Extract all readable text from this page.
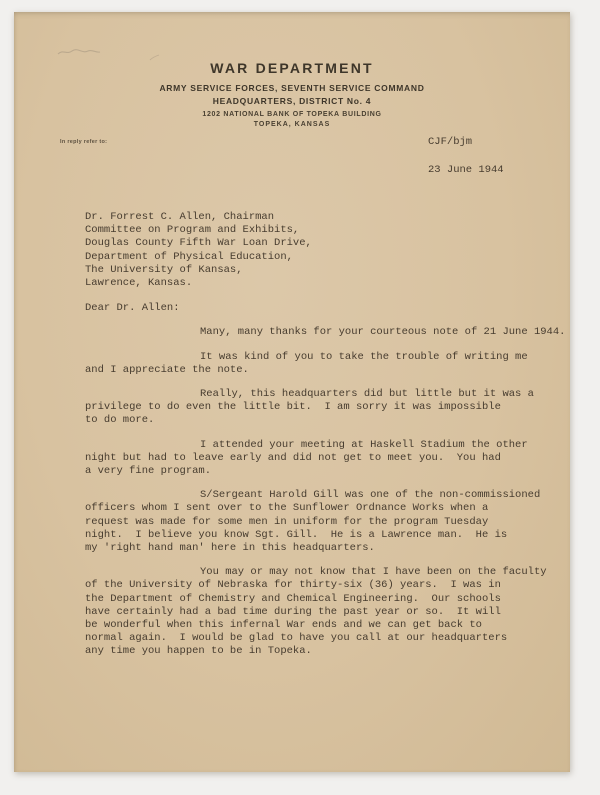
WAR DEPARTMENT
ARMY SERVICE FORCES, SEVENTH SERVICE COMMAND
HEADQUARTERS, DISTRICT No. 4
1202 NATIONAL BANK OF TOPEKA BUILDING
TOPEKA, KANSAS
In reply refer to:	CJF/bjm
23 June 1944
Dr. Forrest C. Allen, Chairman
Committee on Program and Exhibits,
Douglas County Fifth War Loan Drive,
Department of Physical Education,
The University of Kansas,
Lawrence, Kansas.
Dear Dr. Allen:
Many, many thanks for your courteous note of 21 June 1944.
It was kind of you to take the trouble of writing me
and I appreciate the note.
Really, this headquarters did but little but it was a
privilege to do even the little bit.  I am sorry it was impossible
to do more.
I attended your meeting at Haskell Stadium the other
night but had to leave early and did not get to meet you.  You had
a very fine program.
S/Sergeant Harold Gill was one of the non-commissioned
officers whom I sent over to the Sunflower Ordnance Works when a
request was made for some men in uniform for the program Tuesday
night.  I believe you know Sgt. Gill.  He is a Lawrence man.  He is
my 'right hand man' here in this headquarters.
You may or may not know that I have been on the faculty
of the University of Nebraska for thirty-six (36) years.  I was in
the Department of Chemistry and Chemical Engineering.  Our schools
have certainly had a bad time during the past year or so.  It will
be wonderful when this infernal War ends and we can get back to
normal again.  I would be glad to have you call at our headquarters
any time you happen to be in Topeka.
